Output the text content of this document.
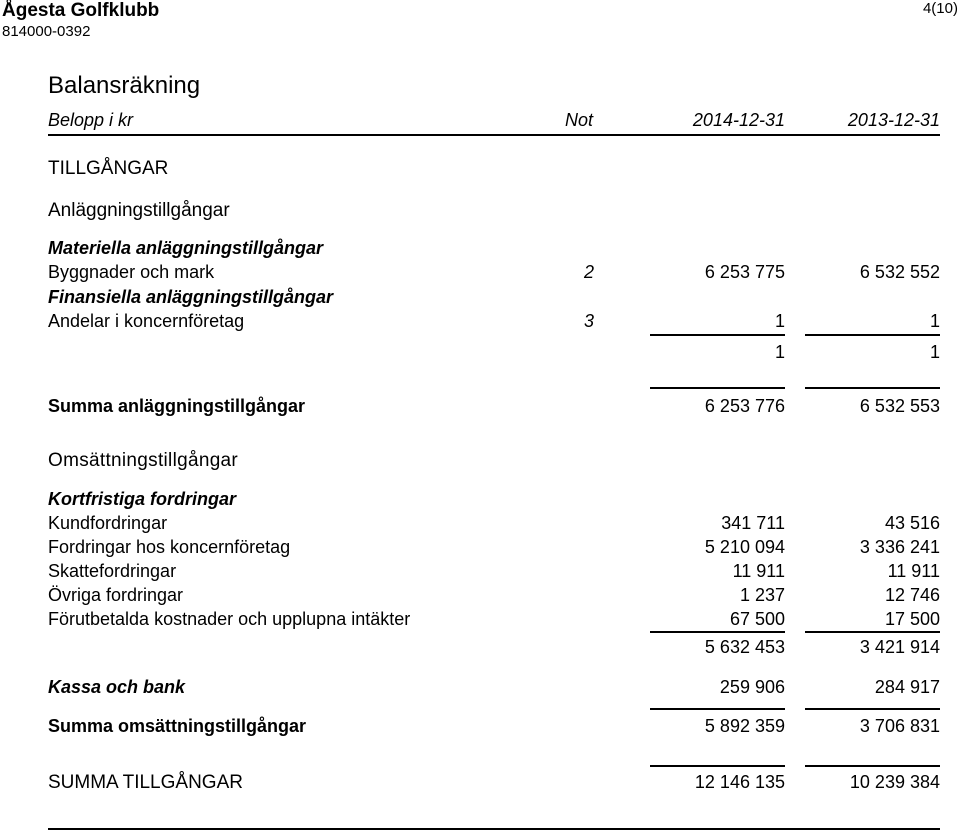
Ågesta Golfklubb
814000-0392
4(10)
Balansräkning
Belopp i kr	Not	2014-12-31	2013-12-31
TILLGÅNGAR
Anläggningstillgångar
Materiella anläggningstillgångar
Byggnader och mark	2	6 253 775	6 532 552
Finansiella anläggningstillgångar
Andelar i koncernföretag	3	1	1
1	1
Summa anläggningstillgångar	6 253 776	6 532 553
Omsättningstillgångar
Kortfristiga fordringar
Kundfordringar	341 711	43 516
Fordringar hos koncernföretag	5 210 094	3 336 241
Skattefordringar	11 911	11 911
Övriga fordringar	1 237	12 746
Förutbetalda kostnader och upplupna intäkter	67 500	17 500
5 632 453	3 421 914
Kassa och bank	259 906	284 917
Summa omsättningstillgångar	5 892 359	3 706 831
SUMMA TILLGÅNGAR	12 146 135	10 239 384
